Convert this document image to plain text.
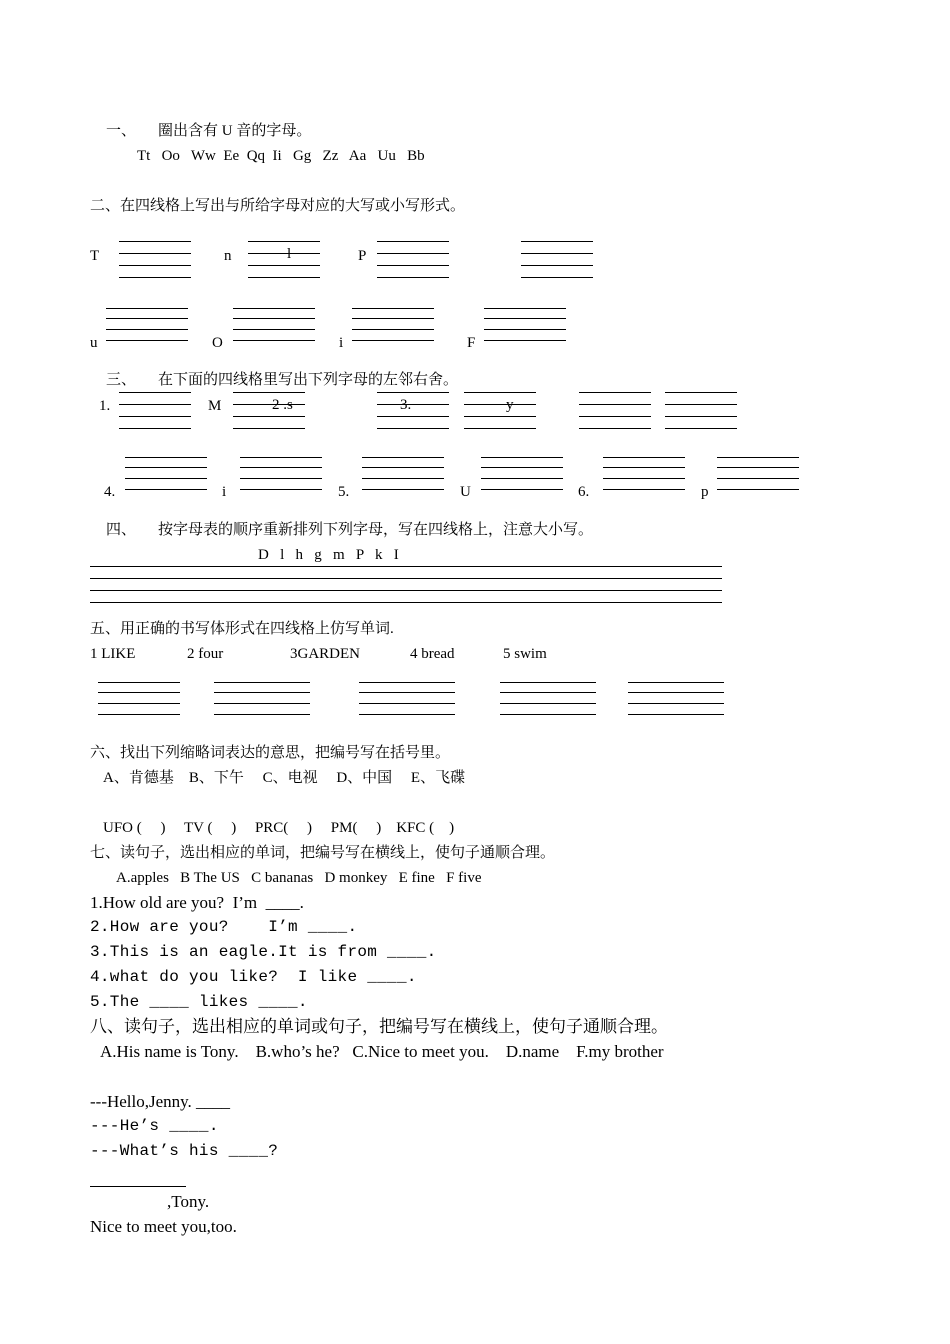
一、 圈出含有 U 音的字母。
Tt   Oo   Ww  Ee  Qq  Ii   Gg   Zz   Aa   Uu   Bb
二、在四线格上写出与所给字母对应的大写或小写形式。
T	n	l	P
u	O	i	F
三、 在下面的四线格里写出下列字母的左邻右舍。
1.	M	2 .s	3.	y
4.	i	5.	U	6.	p
四、 按字母表的顺序重新排列下列字母，写在四线格上，注意大小写。
D   l   h   g   m   P   k   I
五、用正确的书写体形式在四线格上仿写单词.
1 LIKE	2 four	3GARDEN	4 bread	5 swim
六、找出下列缩略词表达的意思，把编号写在括号里。
A、肯德基    B、下午     C、电视     D、中国     E、飞碟
UFO (     )     TV (     )     PRC(     )     PM(     )    KFC (    )
七、读句子，选出相应的单词，把编号写在横线上，使句子通顺合理。
A.apples   B The US   C bananas   D monkey   E fine   F five
1.How old are you?  I’m  ____.
2.How are you?    I’m ____.
3.This is an eagle.It is from ____.
4.what do you like?  I like ____.
5.The ____ likes ____.
八、读句子，选出相应的单词或句子，把编号写在横线上，使句子通顺合理。
A.His name is Tony.    B.who’s he?   C.Nice to meet you.    D.name    F.my brother
---Hello,Jenny. ____
---He’s ____.
---What’s his ____?
,Tony.
Nice to meet you,too.
